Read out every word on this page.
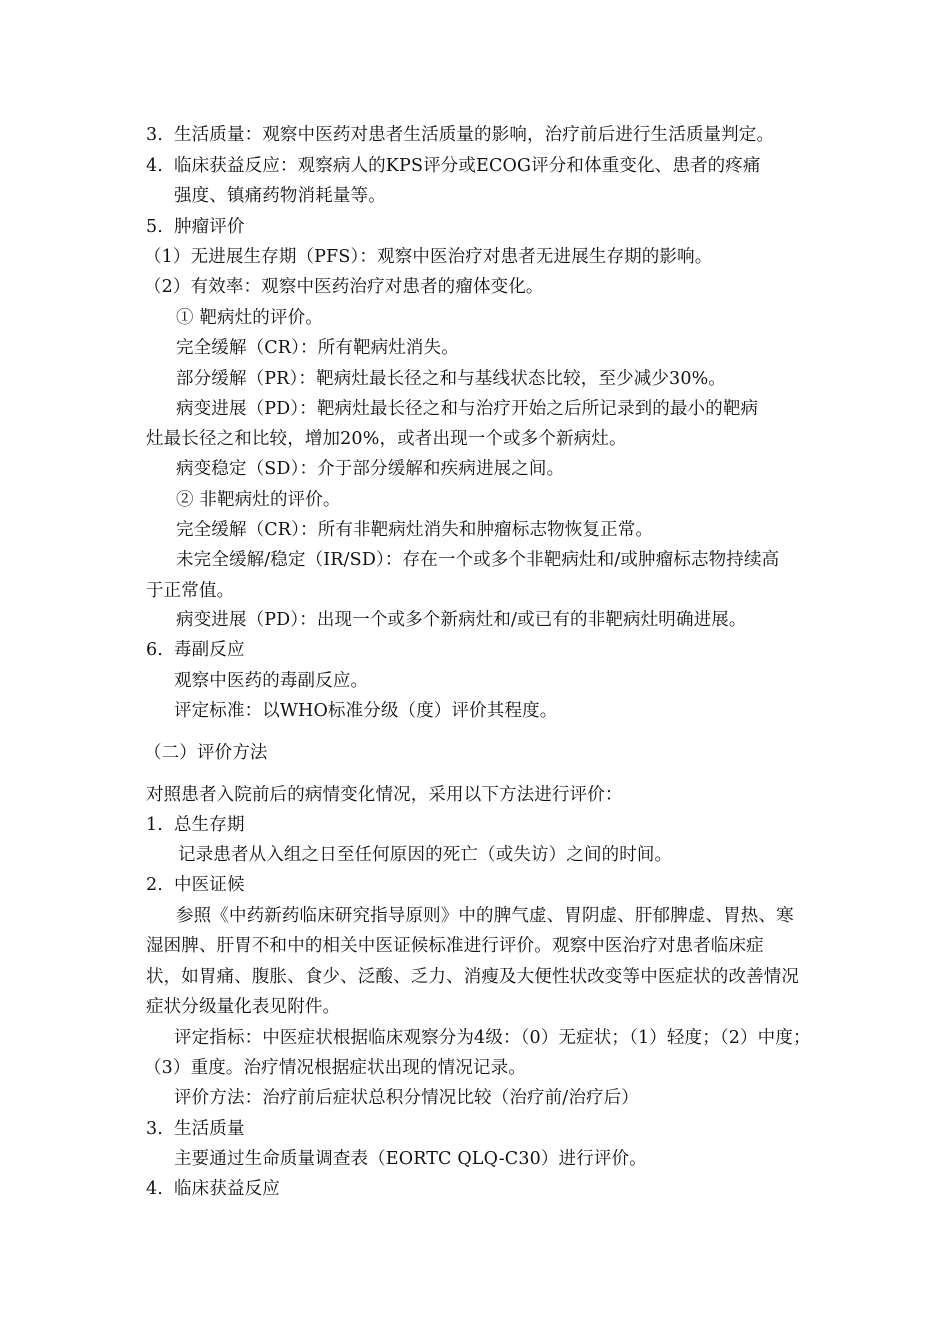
3. 生活质量：观察中医药对患者生活质量的影响，治疗前后进行生活质量判定。
4. 临床获益反应：观察病人的KPS评分或ECOG评分和体重变化、患者的疼痛
强度、镇痛药物消耗量等。
5. 肿瘤评价
（1）无进展生存期（PFS）：观察中医治疗对患者无进展生存期的影响。
（2）有效率：观察中医药治疗对患者的瘤体变化。
① 靶病灶的评价。
完全缓解（CR）：所有靶病灶消失。
部分缓解（PR）：靶病灶最长径之和与基线状态比较，至少减少30%。
病变进展（PD）：靶病灶最长径之和与治疗开始之后所记录到的最小的靶病
灶最长径之和比较，增加20%，或者出现一个或多个新病灶。
病变稳定（SD）：介于部分缓解和疾病进展之间。
② 非靶病灶的评价。
完全缓解（CR）：所有非靶病灶消失和肿瘤标志物恢复正常。
未完全缓解/稳定（IR/SD）：存在一个或多个非靶病灶和/或肿瘤标志物持续高
于正常值。
病变进展（PD）：出现一个或多个新病灶和/或已有的非靶病灶明确进展。
6. 毒副反应
观察中医药的毒副反应。
评定标准：以WHO标准分级（度）评价其程度。
（二）评价方法
对照患者入院前后的病情变化情况，采用以下方法进行评价：
1. 总生存期
记录患者从入组之日至任何原因的死亡（或失访）之间的时间。
2. 中医证候
参照《中药新药临床研究指导原则》中的脾气虚、胃阴虚、肝郁脾虚、胃热、寒
湿困脾、肝胃不和中的相关中医证候标准进行评价。观察中医治疗对患者临床症
状，如胃痛、腹胀、食少、泛酸、乏力、消瘦及大便性状改变等中医症状的改善情况
症状分级量化表见附件。
评定指标：中医症状根据临床观察分为4级：（0）无症状；（1）轻度；（2）中度；
（3）重度。治疗情况根据症状出现的情况记录。
评价方法：治疗前后症状总积分情况比较（治疗前/治疗后）
3. 生活质量
主要通过生命质量调查表（EORTC QLQ-C30）进行评价。
4. 临床获益反应
